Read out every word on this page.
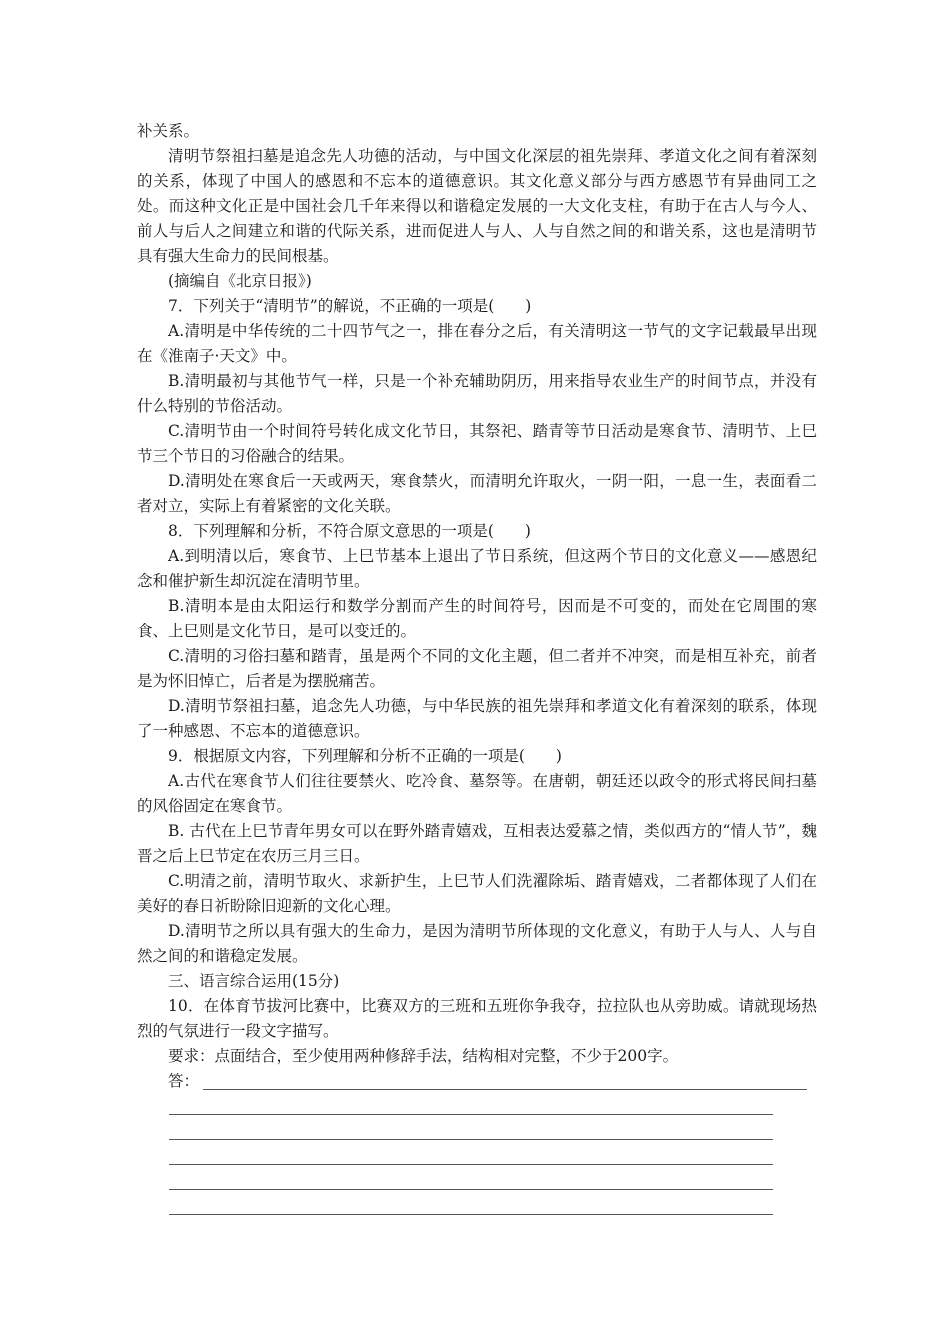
补关系。

清明节祭祖扫墓是追念先人功德的活动，与中国文化深层的祖先崇拜、孝道文化之间有着深刻的关系，体现了中国人的感恩和不忘本的道德意识。其文化意义部分与西方感恩节有异曲同工之处。而这种文化正是中国社会几千年来得以和谐稳定发展的一大文化支柱，有助于在古人与今人、前人与后人之间建立和谐的代际关系，进而促进人与人、人与自然之间的和谐关系，这也是清明节具有强大生命力的民间根基。

(摘编自《北京日报》)

7．下列关于“清明节”的解说，不正确的一项是(　　)

A.清明是中华传统的二十四节气之一，排在春分之后，有关清明这一节气的文字记载最早出现在《淮南子·天文》中。

B.清明最初与其他节气一样，只是一个补充辅助阴历，用来指导农业生产的时间节点，并没有什么特别的节俗活动。

C.清明节由一个时间符号转化成文化节日，其祭祀、踏青等节日活动是寒食节、清明节、上巳节三个节日的习俗融合的结果。

D.清明处在寒食后一天或两天，寒食禁火，而清明允许取火，一阴一阳，一息一生，表面看二者对立，实际上有着紧密的文化关联。

8．下列理解和分析，不符合原文意思的一项是(　　)

A.到明清以后，寒食节、上巳节基本上退出了节日系统，但这两个节日的文化意义——感恩纪念和催护新生却沉淀在清明节里。

B.清明本是由太阳运行和数学分割而产生的时间符号，因而是不可变的，而处在它周围的寒食、上巳则是文化节日，是可以变迁的。

C.清明的习俗扫墓和踏青，虽是两个不同的文化主题，但二者并不冲突，而是相互补充，前者是为怀旧悼亡，后者是为摆脱痛苦。

D.清明节祭祖扫墓，追念先人功德，与中华民族的祖先崇拜和孝道文化有着深刻的联系，体现了一种感恩、不忘本的道德意识。

9．根据原文内容，下列理解和分析不正确的一项是(　　)

A.古代在寒食节人们往往要禁火、吃冷食、墓祭等。在唐朝，朝廷还以政令的形式将民间扫墓的风俗固定在寒食节。

B. 古代在上巳节青年男女可以在野外踏青嬉戏，互相表达爱慕之情，类似西方的“情人节”，魏晋之后上巳节定在农历三月三日。

C.明清之前，清明节取火、求新护生，上巳节人们洗濯除垢、踏青嬉戏，二者都体现了人们在美好的春日祈盼除旧迎新的文化心理。

D.清明节之所以具有强大的生命力，是因为清明节所体现的文化意义，有助于人与人、人与自然之间的和谐稳定发展。

三、语言综合运用(15分)

10．在体育节拔河比赛中，比赛双方的三班和五班你争我夺，拉拉队也从旁助威。请就现场热烈的气氛进行一段文字描写。

要求：点面结合，至少使用两种修辞手法，结构相对完整，不少于200字。

答：
